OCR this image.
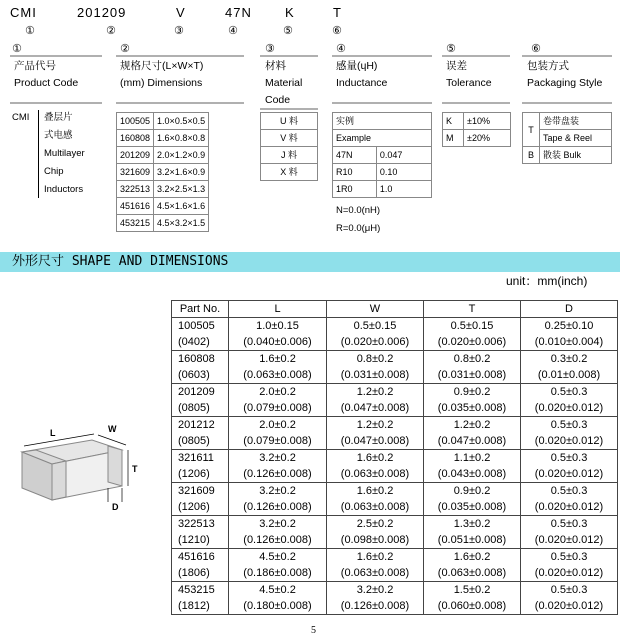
CMI	201209	V	47N	K	T
①	②	③	④	⑤	⑥
①	②	③	④	⑤	⑥
产品代号
Product Code
规格尺寸(L×W×T)
(mm) Dimensions
材料
Material
Code
感量(ɥH)
Inductance
误差
Tolerance
包装方式
Packaging Style
CMI 叠层片
式电感
Multilayer
Chip
Inductors
100505	1.0×0.5×0.5
160808	1.6×0.8×0.8
201209	2.0×1.2×0.9
321609	3.2×1.6×0.9
322513	3.2×2.5×1.3
451616	4.5×1.6×1.6
453215	4.5×3.2×1.5
U 料
V 料
J 料
X 料
实例	
Example	
47N	0.047
R10	0.10
1R0	1.0
N=0.0(nH)
R=0.0(μH)
K	±10%
M	±20%
T	卷带盘装
	Tape & Reel
B	散装 Bulk
外形尺寸 SHAPE AND DIMENSIONS
unit：mm(inch)
L	W
T
D
Part No.	L	W	T	D
100505	1.0±0.15	0.5±0.15	0.5±0.15	0.25±0.10
(0402)	(0.040±0.006)	(0.020±0.006)	(0.020±0.006)	(0.010±0.004)
160808	1.6±0.2	0.8±0.2	0.8±0.2	0.3±0.2
(0603)	(0.063±0.008)	(0.031±0.008)	(0.031±0.008)	(0.01±0.008)
201209	2.0±0.2	1.2±0.2	0.9±0.2	0.5±0.3
(0805)	(0.079±0.008)	(0.047±0.008)	(0.035±0.008)	(0.020±0.012)
201212	2.0±0.2	1.2±0.2	1.2±0.2	0.5±0.3
(0805)	(0.079±0.008)	(0.047±0.008)	(0.047±0.008)	(0.020±0.012)
321611	3.2±0.2	1.6±0.2	1.1±0.2	0.5±0.3
(1206)	(0.126±0.008)	(0.063±0.008)	(0.043±0.008)	(0.020±0.012)
321609	3.2±0.2	1.6±0.2	0.9±0.2	0.5±0.3
(1206)	(0.126±0.008)	(0.063±0.008)	(0.035±0.008)	(0.020±0.012)
322513	3.2±0.2	2.5±0.2	1.3±0.2	0.5±0.3
(1210)	(0.126±0.008)	(0.098±0.008)	(0.051±0.008)	(0.020±0.012)
451616	4.5±0.2	1.6±0.2	1.6±0.2	0.5±0.3
(1806)	(0.186±0.008)	(0.063±0.008)	(0.063±0.008)	(0.020±0.012)
453215	4.5±0.2	3.2±0.2	1.5±0.2	0.5±0.3
(1812)	(0.180±0.008)	(0.126±0.008)	(0.060±0.008)	(0.020±0.012)
5
